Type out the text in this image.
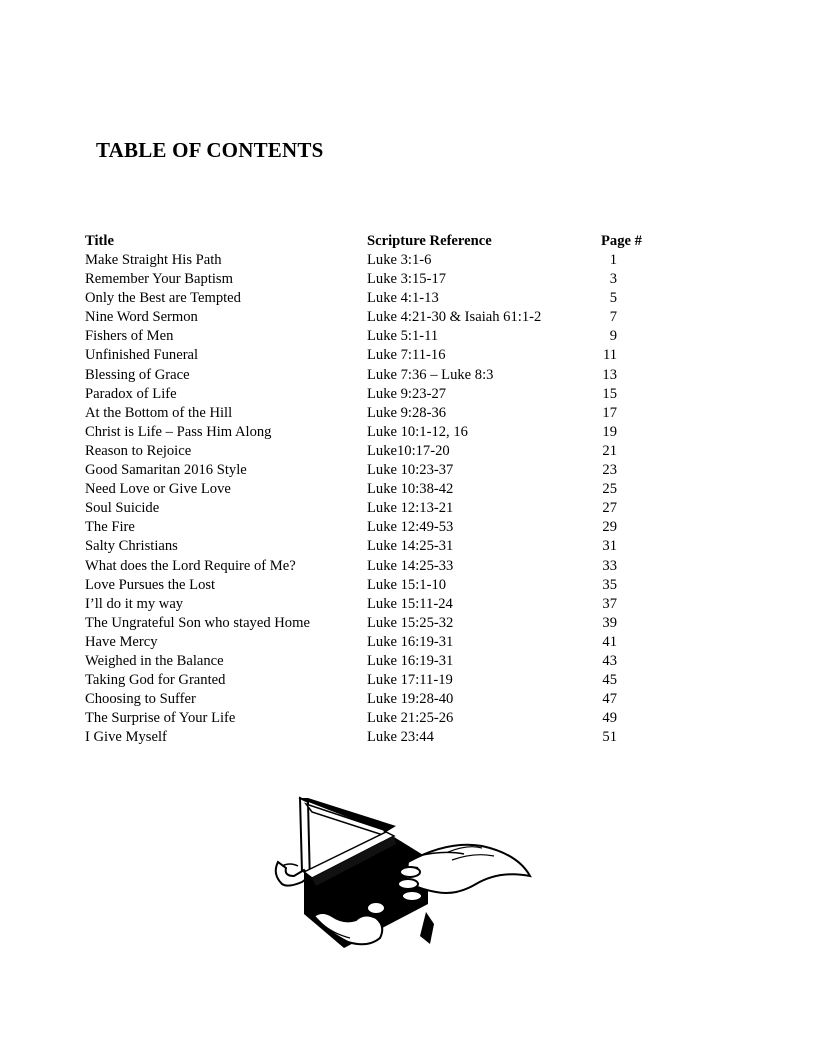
TABLE OF CONTENTS
Title	Scripture Reference	Page #
Make Straight His Path	Luke 3:1-6	1
Remember Your Baptism	Luke 3:15-17	3
Only the Best are Tempted	Luke 4:1-13	5
Nine Word Sermon	Luke 4:21-30 & Isaiah 61:1-2	7
Fishers of Men	Luke 5:1-11	9
Unfinished Funeral	Luke 7:11-16	11
Blessing of Grace	Luke 7:36 – Luke 8:3	13
Paradox of Life	Luke 9:23-27	15
At the Bottom of the Hill	Luke 9:28-36	17
Christ is Life – Pass Him Along	Luke 10:1-12, 16	19
Reason to Rejoice	Luke10:17-20	21
Good Samaritan 2016 Style	Luke 10:23-37	23
Need Love or Give Love	Luke 10:38-42	25
Soul Suicide	Luke 12:13-21	27
The Fire	Luke 12:49-53	29
Salty Christians	Luke 14:25-31	31
What does the Lord Require of Me?	Luke 14:25-33	33
Love Pursues the Lost	Luke 15:1-10	35
I’ll do it my way	Luke 15:11-24	37
The Ungrateful Son who stayed Home	Luke 15:25-32	39
Have Mercy	Luke 16:19-31	41
Weighed in the Balance	Luke 16:19-31	43
Taking God for Granted	Luke 17:11-19	45
Choosing to Suffer	Luke 19:28-40	47
The Surprise of Your Life	Luke 21:25-26	49
I Give Myself	Luke 23:44	51
